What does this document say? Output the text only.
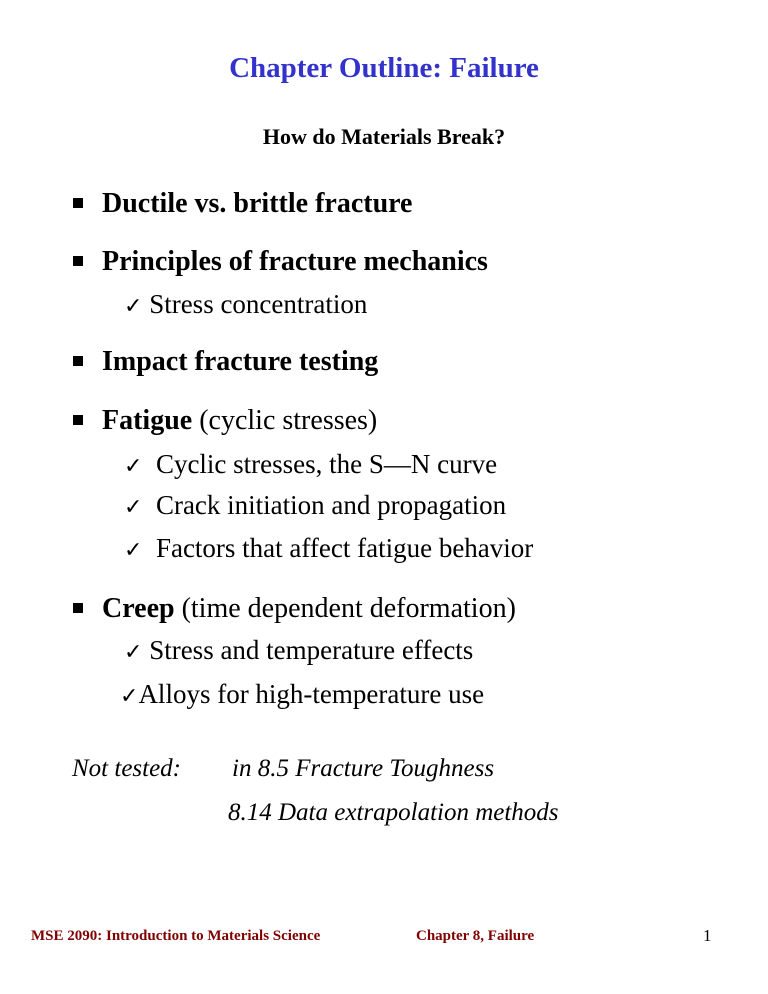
Chapter Outline: Failure
How do Materials Break?
Ductile vs. brittle fracture
Principles of fracture mechanics
✓ Stress concentration
Impact fracture testing
Fatigue (cyclic stresses)
✓ Cyclic stresses, the S—N curve
✓ Crack initiation and propagation
✓ Factors that affect fatigue behavior
Creep (time dependent deformation)
✓ Stress and temperature effects
✓Alloys for high-temperature use
Not tested: in 8.5 Fracture Toughness
8.14 Data extrapolation methods
MSE 2090: Introduction to Materials Science	Chapter 8, Failure	1
